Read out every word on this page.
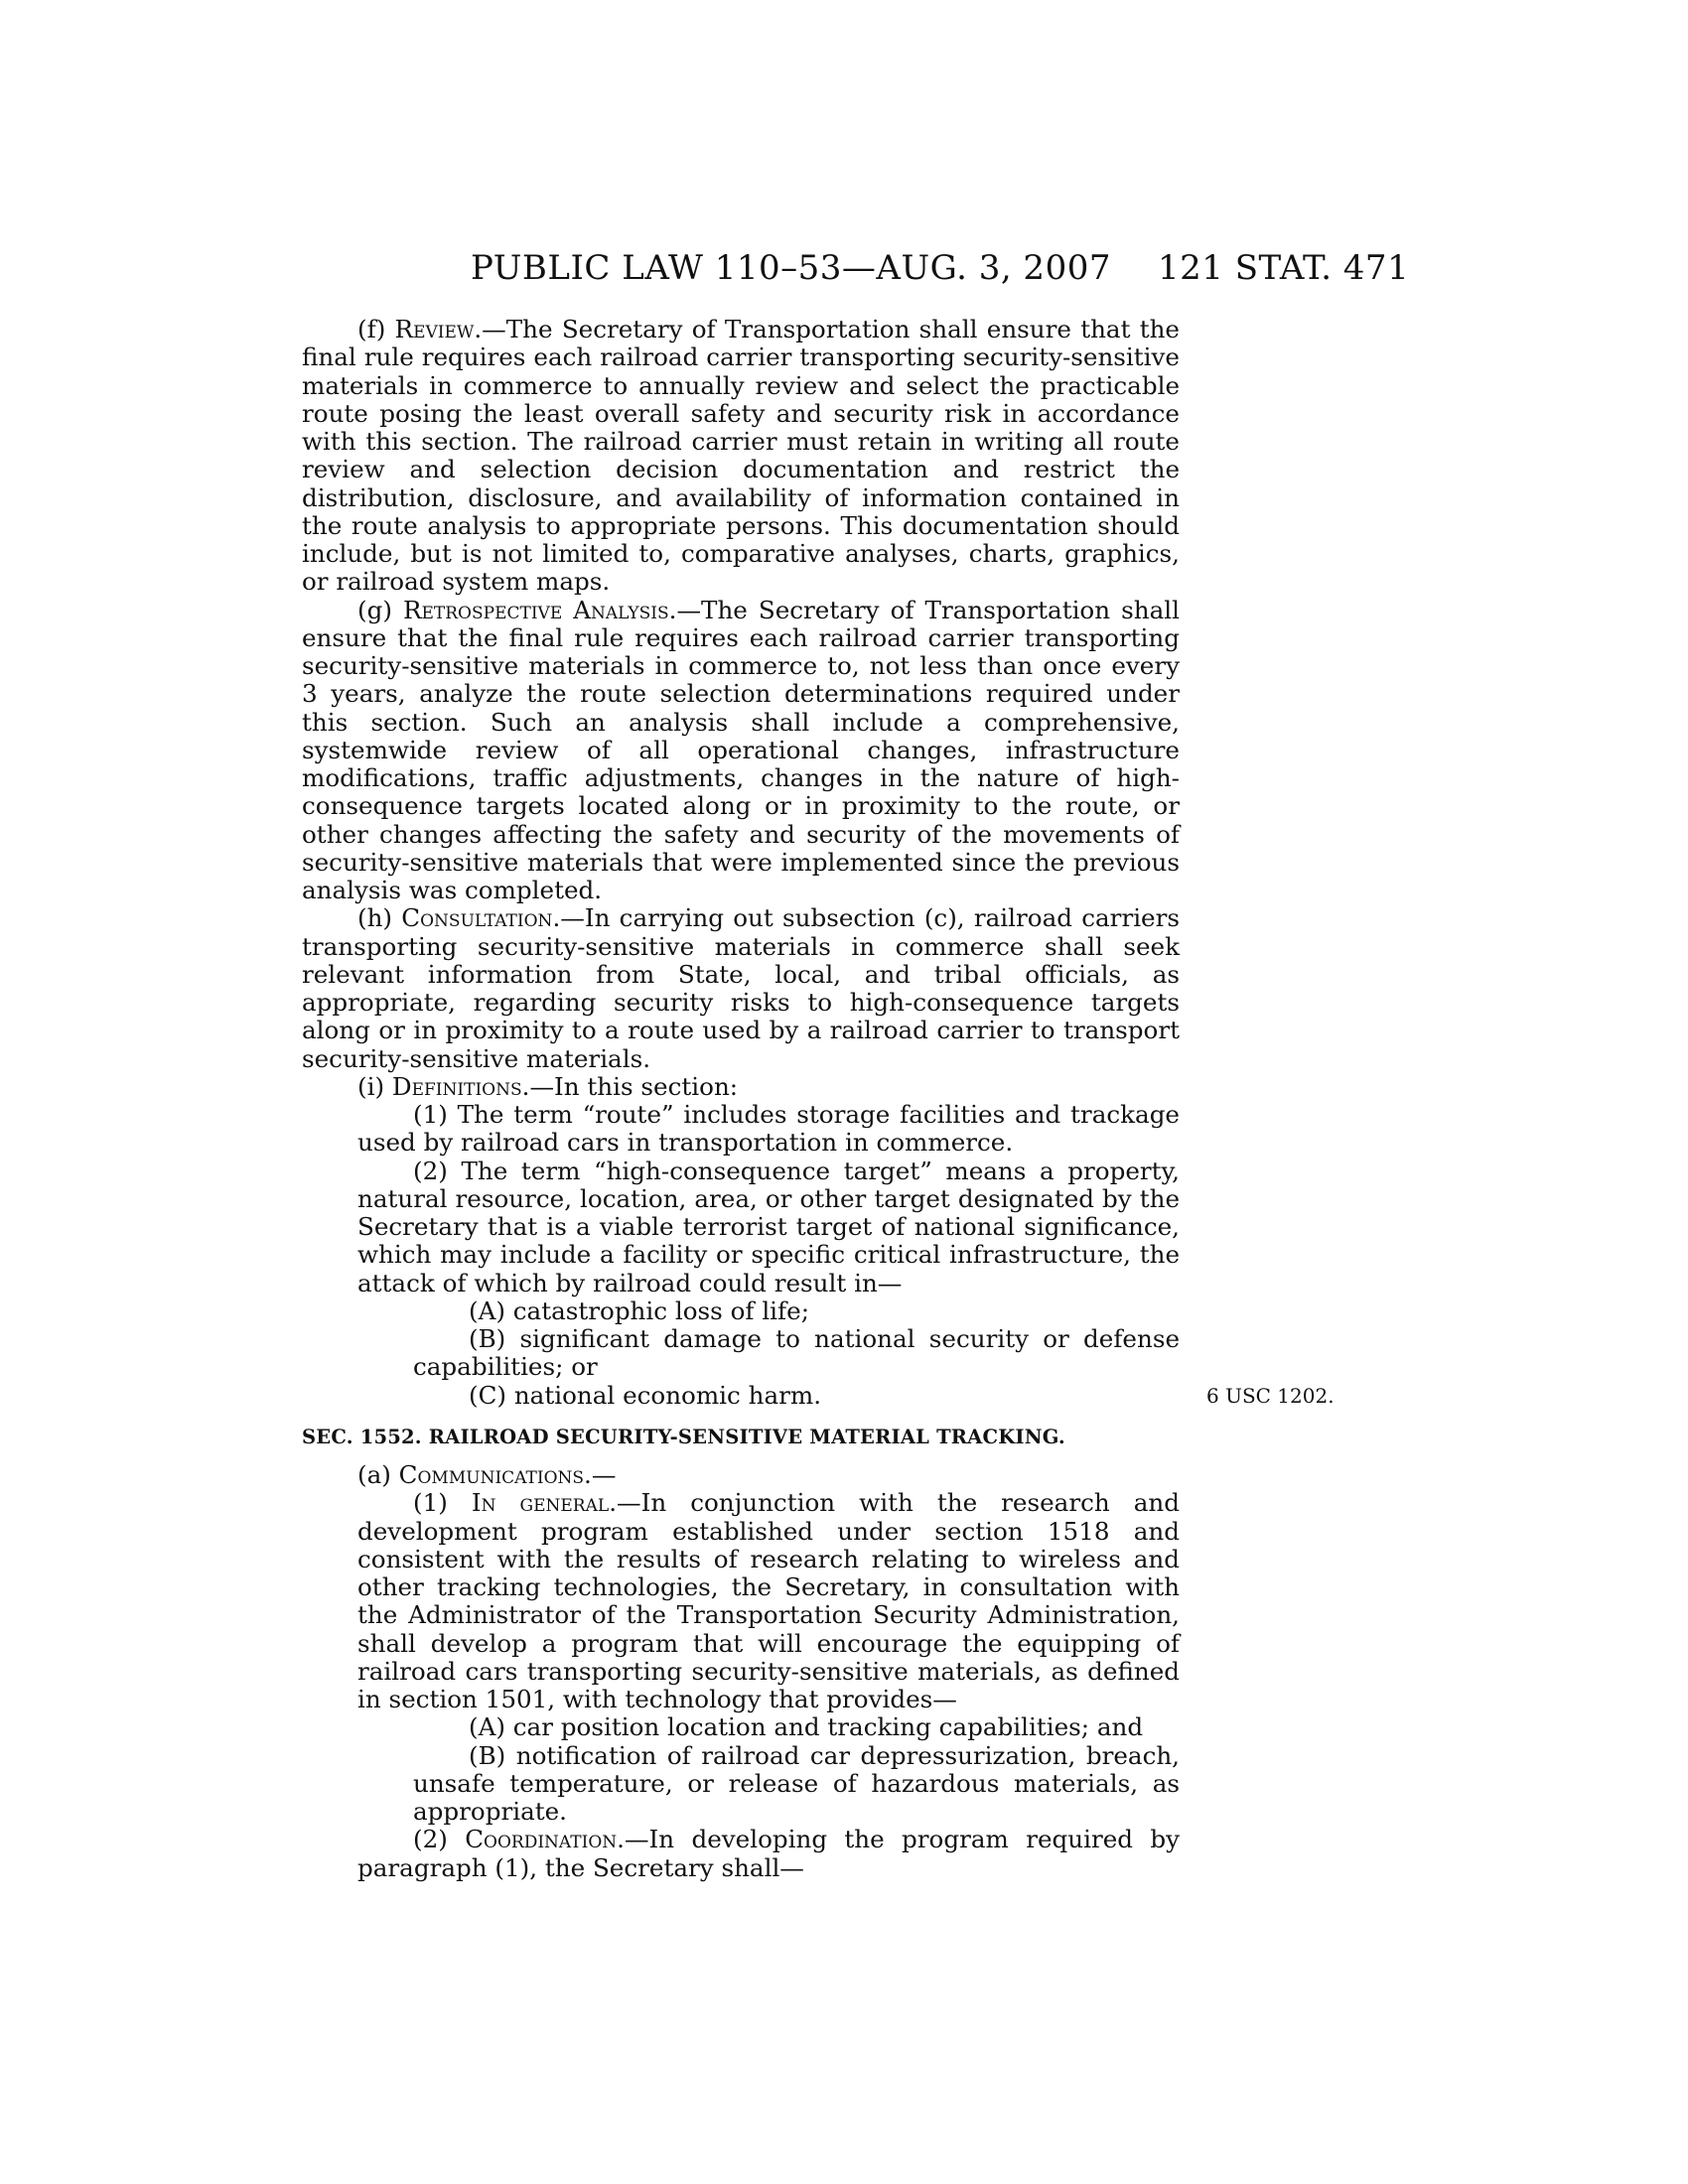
PUBLIC LAW 110–53—AUG. 3, 2007 121 STAT. 471

(f) Review.—The Secretary of Transportation shall ensure that the final rule requires each railroad carrier transporting security-sensitive materials in commerce to annually review and select the practicable route posing the least overall safety and security risk in accordance with this section. The railroad carrier must retain in writing all route review and selection decision documentation and restrict the distribution, disclosure, and availability of information contained in the route analysis to appropriate persons. This documentation should include, but is not limited to, comparative analyses, charts, graphics, or railroad system maps.

(g) Retrospective Analysis.—The Secretary of Transportation shall ensure that the final rule requires each railroad carrier transporting security-sensitive materials in commerce to, not less than once every 3 years, analyze the route selection determinations required under this section. Such an analysis shall include a comprehensive, systemwide review of all operational changes, infrastructure modifications, traffic adjustments, changes in the nature of high-consequence targets located along or in proximity to the route, or other changes affecting the safety and security of the movements of security-sensitive materials that were implemented since the previous analysis was completed.

(h) Consultation.—In carrying out subsection (c), railroad carriers transporting security-sensitive materials in commerce shall seek relevant information from State, local, and tribal officials, as appropriate, regarding security risks to high-consequence targets along or in proximity to a route used by a railroad carrier to transport security-sensitive materials.

(i) Definitions.—In this section:

(1) The term “route” includes storage facilities and trackage used by railroad cars in transportation in commerce.

(2) The term “high-consequence target” means a property, natural resource, location, area, or other target designated by the Secretary that is a viable terrorist target of national significance, which may include a facility or specific critical infrastructure, the attack of which by railroad could result in—

(A) catastrophic loss of life;

(B) significant damage to national security or defense capabilities; or

(C) national economic harm.

SEC. 1552. RAILROAD SECURITY-SENSITIVE MATERIAL TRACKING.

(a) Communications.—

(1) In general.—In conjunction with the research and development program established under section 1518 and consistent with the results of research relating to wireless and other tracking technologies, the Secretary, in consultation with the Administrator of the Transportation Security Administration, shall develop a program that will encourage the equipping of railroad cars transporting security-sensitive materials, as defined in section 1501, with technology that provides—

(A) car position location and tracking capabilities; and

(B) notification of railroad car depressurization, breach, unsafe temperature, or release of hazardous materials, as appropriate.

(2) Coordination.—In developing the program required by paragraph (1), the Secretary shall—

6 USC 1202.
